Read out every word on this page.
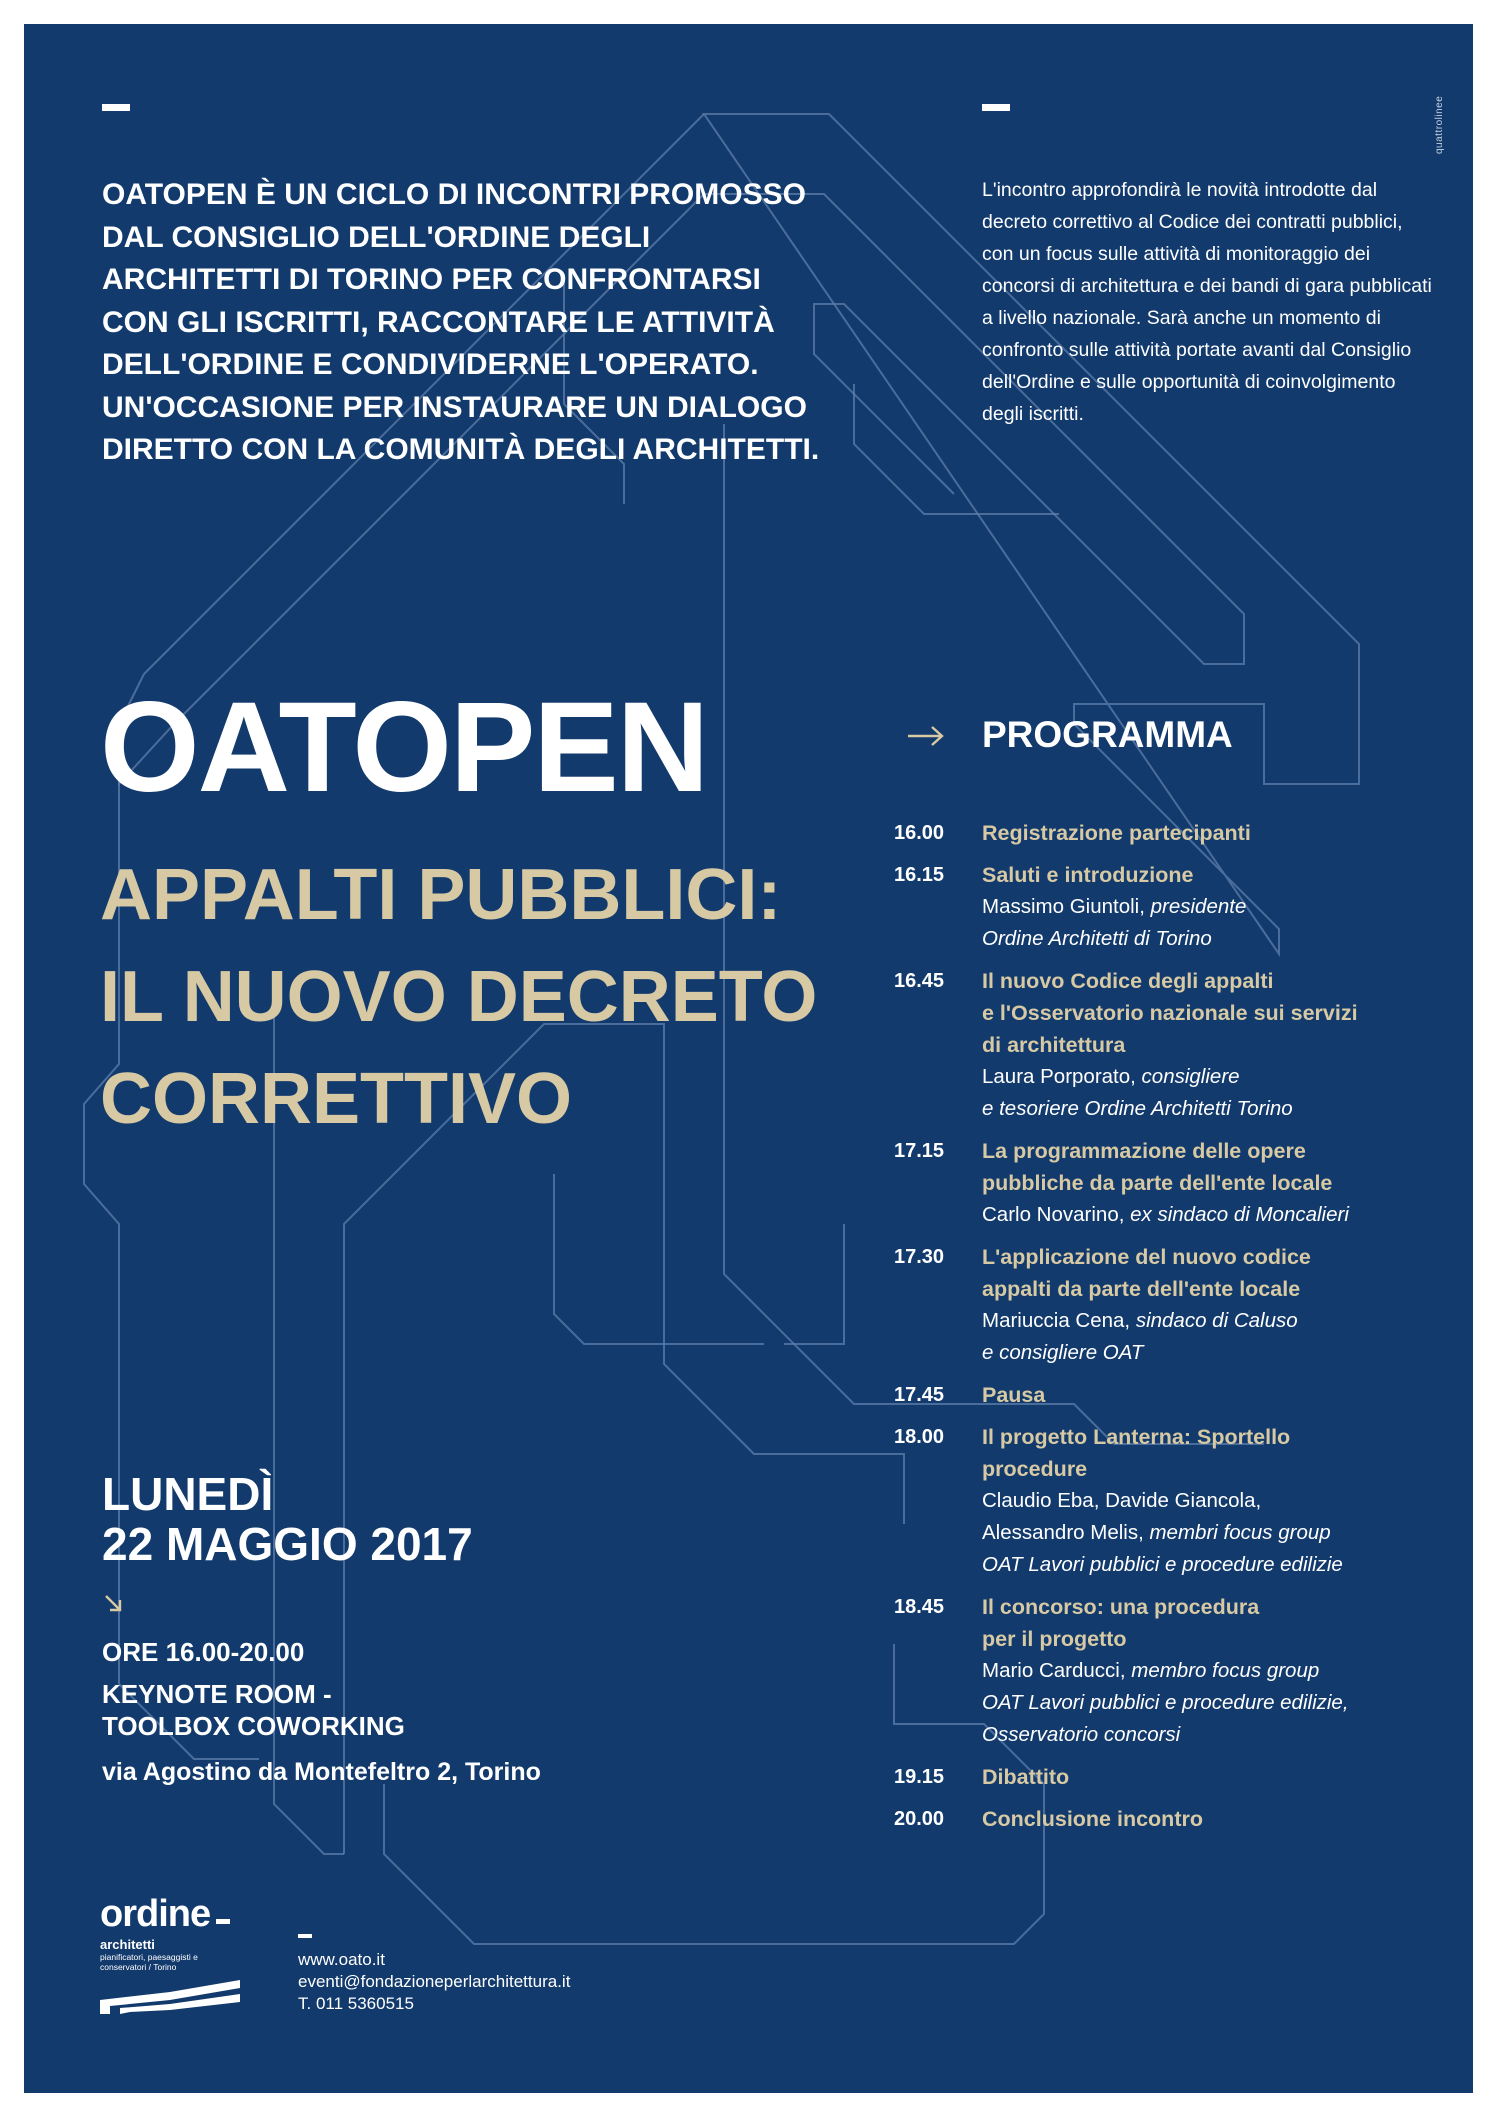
quattrolinee

OATOPEN È UN CICLO DI INCONTRI PROMOSSO DAL CONSIGLIO DELL'ORDINE DEGLI ARCHITETTI DI TORINO PER CONFRONTARSI CON GLI ISCRITTI, RACCONTARE LE ATTIVITÀ DELL'ORDINE E CONDIVIDERNE L'OPERATO. UN'OCCASIONE PER INSTAURARE UN DIALOGO DIRETTO CON LA COMUNITÀ DEGLI ARCHITETTI.

L'incontro approfondirà le novità introdotte dal decreto correttivo al Codice dei contratti pubblici, con un focus sulle attività di monitoraggio dei concorsi di architettura e dei bandi di gara pubblicati a livello nazionale. Sarà anche un momento di confronto sulle attività portate avanti dal Consiglio dell'Ordine e sulle opportunità di coinvolgimento degli iscritti.

OATOPEN
APPALTI PUBBLICI: IL NUOVO DECRETO CORRETTIVO
LUNEDÌ
22 MAGGIO 2017
ORE 16.00-20.00
KEYNOTE ROOM -
TOOLBOX COWORKING
via Agostino da Montefeltro 2, Torino
PROGRAMMA
16.00	Registrazione partecipanti
16.15	Saluti e introduzione
Massimo Giuntoli, presidente
Ordine Architetti di Torino
16.45	Il nuovo Codice degli appalti
e l'Osservatorio nazionale sui servizi
di architettura
Laura Porporato, consigliere
e tesoriere Ordine Architetti Torino
17.15	La programmazione delle opere
pubbliche da parte dell'ente locale
Carlo Novarino, ex sindaco di Moncalieri
17.30	L'applicazione del nuovo codice
appalti da parte dell'ente locale
Mariuccia Cena, sindaco di Caluso
e consigliere OAT
17.45	Pausa
18.00	Il progetto Lanterna: Sportello
procedure
Claudio Eba, Davide Giancola,
Alessandro Melis, membri focus group
OAT Lavori pubblici e procedure edilizie
18.45	Il concorso: una procedura
per il progetto
Mario Carducci, membro focus group
OAT Lavori pubblici e procedure edilizie,
Osservatorio concorsi
19.15	Dibattito
20.00	Conclusione incontro
ordine
architetti
pianificatori, paesaggisti e conservatori / Torino	www.oato.it
eventi@fondazioneperlarchitettura.it
T. 011 5360515
